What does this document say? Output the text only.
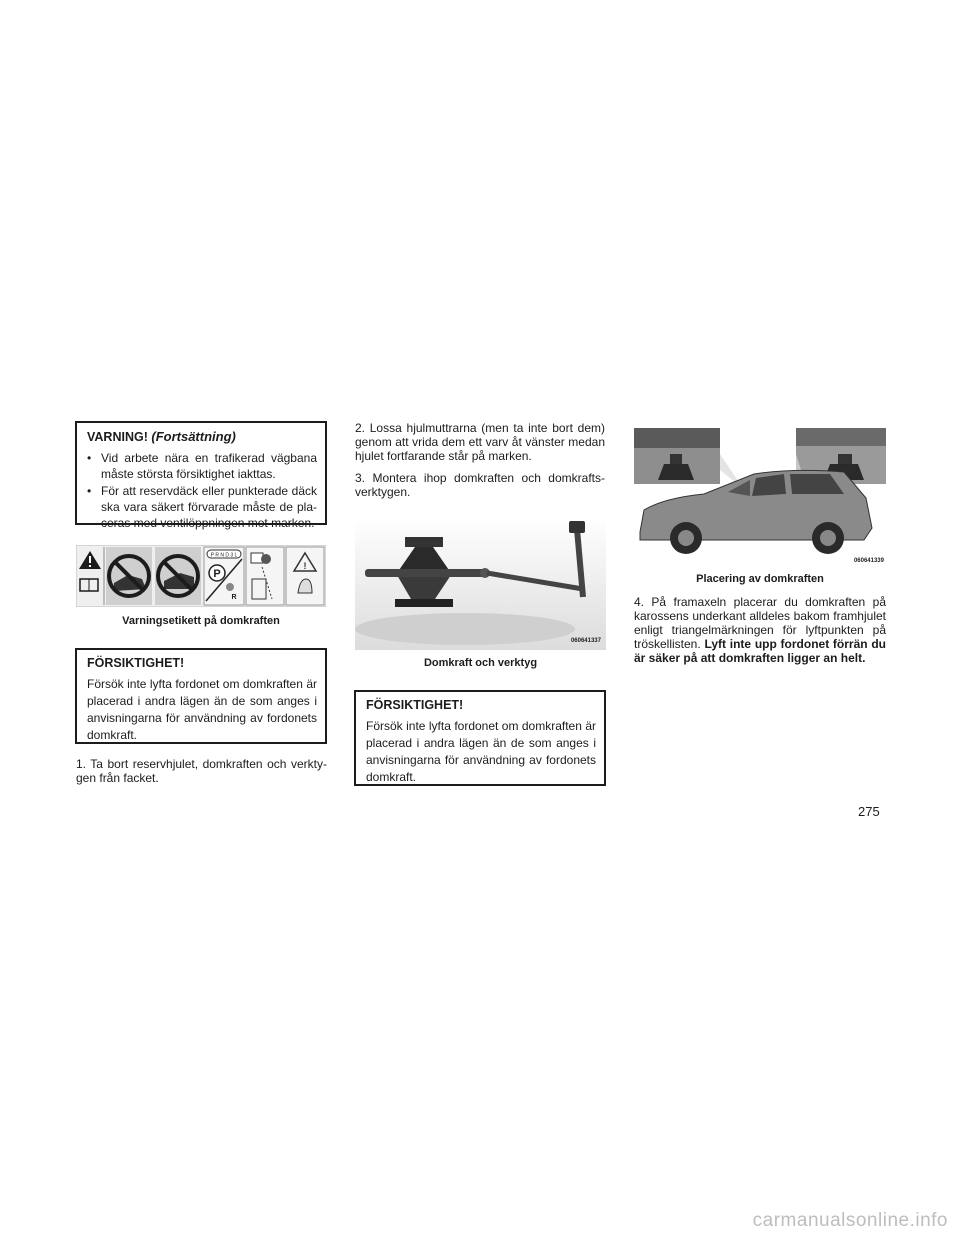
VARNING! (Fortsättning)
• Vid arbete nära en trafikerad vägbana måste största försiktighet iakttas.
• För att reservdäck eller punkterade däck ska vara säkert förvarade måste de pla-ceras med ventilöppningen mot marken.
P R N D 3 L
P
R
!
Varningsetikett på domkraften
FÖRSIKTIGHET!
Försök inte lyfta fordonet om domkraften är placerad i andra lägen än de som anges i anvisningarna för användning av fordonets domkraft.
1. Ta bort reservhjulet, domkraften och verkty-gen från facket.
2. Lossa hjulmuttrarna (men ta inte bort dem) genom att vrida dem ett varv åt vänster medan hjulet fortfarande står på marken.
3. Montera ihop domkraften och domkrafts-verktygen.
060641337
Domkraft och verktyg
FÖRSIKTIGHET!
Försök inte lyfta fordonet om domkraften är placerad i andra lägen än de som anges i anvisningarna för användning av fordonets domkraft.
060641339
Placering av domkraften
4. På framaxeln placerar du domkraften på karossens underkant alldeles bakom framhjulet enligt triangelmärkningen för lyftpunkten på tröskellisten. Lyft inte upp fordonet förrän du är säker på att domkraften ligger an helt.
275
carmanualsonline.info
